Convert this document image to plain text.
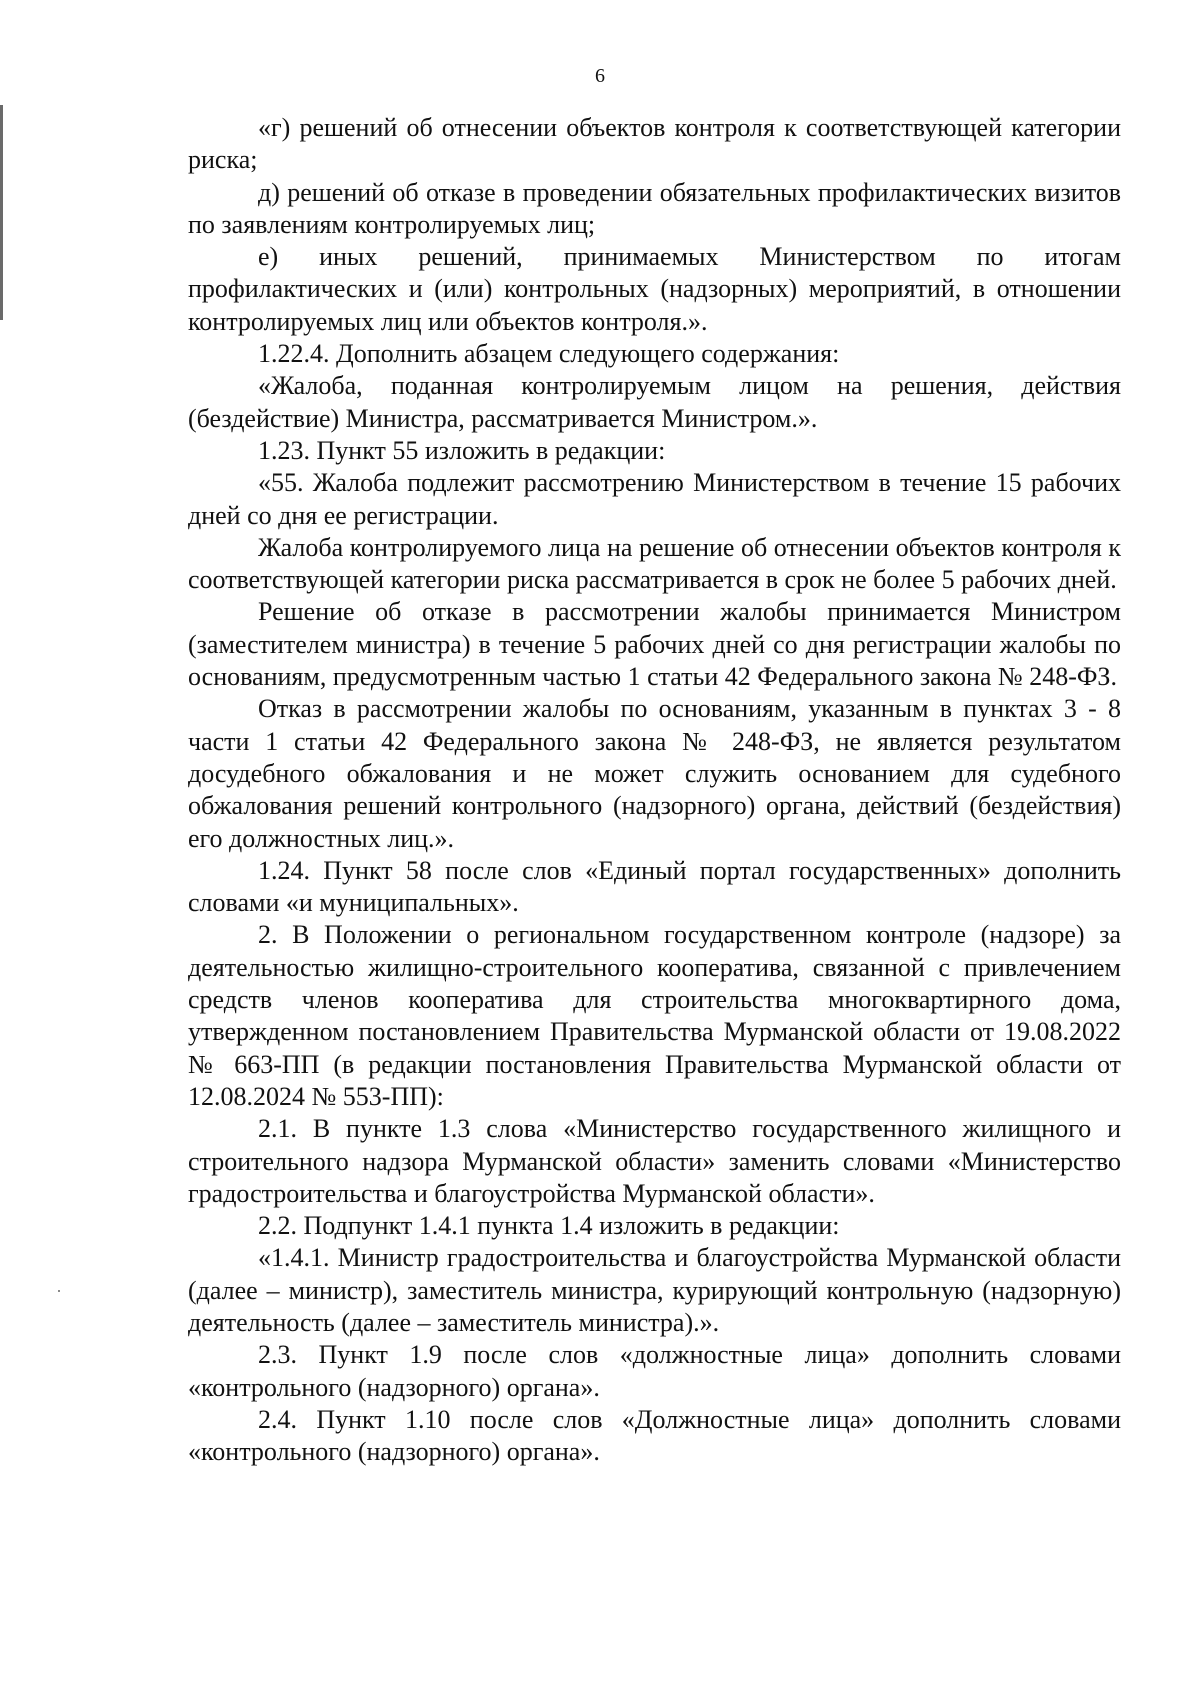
6

«г) решений об отнесении объектов контроля к соответствующей категории риска;

д) решений об отказе в проведении обязательных профилактических визитов по заявлениям контролируемых лиц;

е) иных решений, принимаемых Министерством по итогам профилактических и (или) контрольных (надзорных) мероприятий, в отношении контролируемых лиц или объектов контроля.».

1.22.4. Дополнить абзацем следующего содержания:

«Жалоба, поданная контролируемым лицом на решения, действия (бездействие) Министра, рассматривается Министром.».

1.23. Пункт 55 изложить в редакции:

«55. Жалоба подлежит рассмотрению Министерством в течение 15 рабочих дней со дня ее регистрации.

Жалоба контролируемого лица на решение об отнесении объектов контроля к соответствующей категории риска рассматривается в срок не более 5 рабочих дней.

Решение об отказе в рассмотрении жалобы принимается Министром (заместителем министра) в течение 5 рабочих дней со дня регистрации жалобы по основаниям, предусмотренным частью 1 статьи 42 Федерального закона № 248-ФЗ.

Отказ в рассмотрении жалобы по основаниям, указанным в пунктах 3 - 8 части 1 статьи 42 Федерального закона № 248-ФЗ, не является результатом досудебного обжалования и не может служить основанием для судебного обжалования решений контрольного (надзорного) органа, действий (бездействия) его должностных лиц.».

1.24. Пункт 58 после слов «Единый портал государственных» дополнить словами «и муниципальных».

2. В Положении о региональном государственном контроле (надзоре) за деятельностью жилищно-строительного кооператива, связанной с привлечением средств членов кооператива для строительства многоквартирного дома, утвержденном постановлением Правительства Мурманской области от 19.08.2022 № 663-ПП (в редакции постановления Правительства Мурманской области от 12.08.2024 № 553-ПП):

2.1. В пункте 1.3 слова «Министерство государственного жилищного и строительного надзора Мурманской области» заменить словами «Министерство градостроительства и благоустройства Мурманской области».

2.2. Подпункт 1.4.1 пункта 1.4 изложить в редакции:

«1.4.1. Министр градостроительства и благоустройства Мурманской области (далее – министр), заместитель министра, курирующий контрольную (надзорную) деятельность (далее – заместитель министра).».

2.3. Пункт 1.9 после слов «должностные лица» дополнить словами «контрольного (надзорного) органа».

2.4. Пункт 1.10 после слов «Должностные лица» дополнить словами «контрольного (надзорного) органа».
